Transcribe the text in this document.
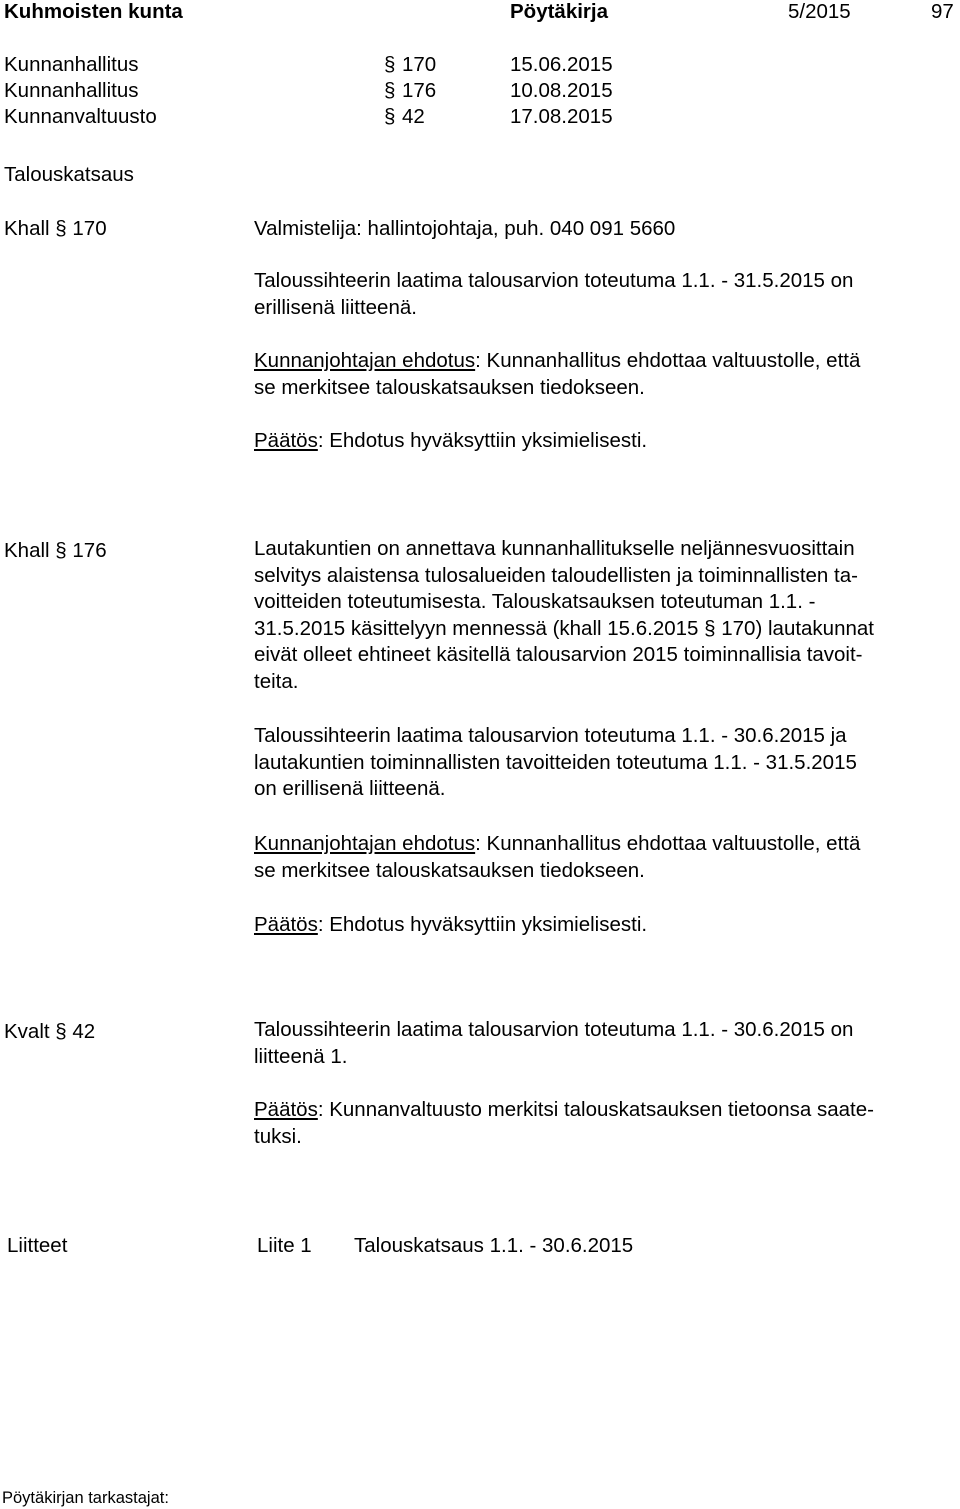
Kuhmoisten kunta	Pöytäkirja	5/2015	97
Kunnanhallitus	§ 170	15.06.2015
Kunnanhallitus	§ 176	10.08.2015
Kunnanvaltuusto	§ 42	17.08.2015
Talouskatsaus
Khall § 170	Valmistelija: hallintojohtaja, puh. 040 091 5660
Taloussihteerin laatima talousarvion toteutuma 1.1. - 31.5.2015 on
erillisenä liitteenä.
Kunnanjohtajan ehdotus: Kunnanhallitus ehdottaa valtuustolle, että
se merkitsee talouskatsauksen tiedokseen.
Päätös: Ehdotus hyväksyttiin yksimielisesti.
Khall § 176	Lautakuntien on annettava kunnanhallitukselle neljännesvuosittain
selvitys alaistensa tulosalueiden taloudellisten ja toiminnallisten ta-
voitteiden toteutumisesta. Talouskatsauksen toteutuman 1.1. -
31.5.2015 käsittelyyn mennessä (khall 15.6.2015 § 170) lautakunnat
eivät olleet ehtineet käsitellä talousarvion 2015 toiminnallisia tavoit-
teita.
Taloussihteerin laatima talousarvion toteutuma 1.1. - 30.6.2015 ja
lautakuntien toiminnallisten tavoitteiden toteutuma 1.1. - 31.5.2015
on erillisenä liitteenä.
Kunnanjohtajan ehdotus: Kunnanhallitus ehdottaa valtuustolle, että
se merkitsee talouskatsauksen tiedokseen.
Päätös: Ehdotus hyväksyttiin yksimielisesti.
Kvalt § 42	Taloussihteerin laatima talousarvion toteutuma 1.1. - 30.6.2015 on
liitteenä 1.
Päätös: Kunnanvaltuusto merkitsi talouskatsauksen tietoonsa saate-
tuksi.
Liitteet	Liite 1 Talouskatsaus 1.1. - 30.6.2015
Pöytäkirjan tarkastajat:
